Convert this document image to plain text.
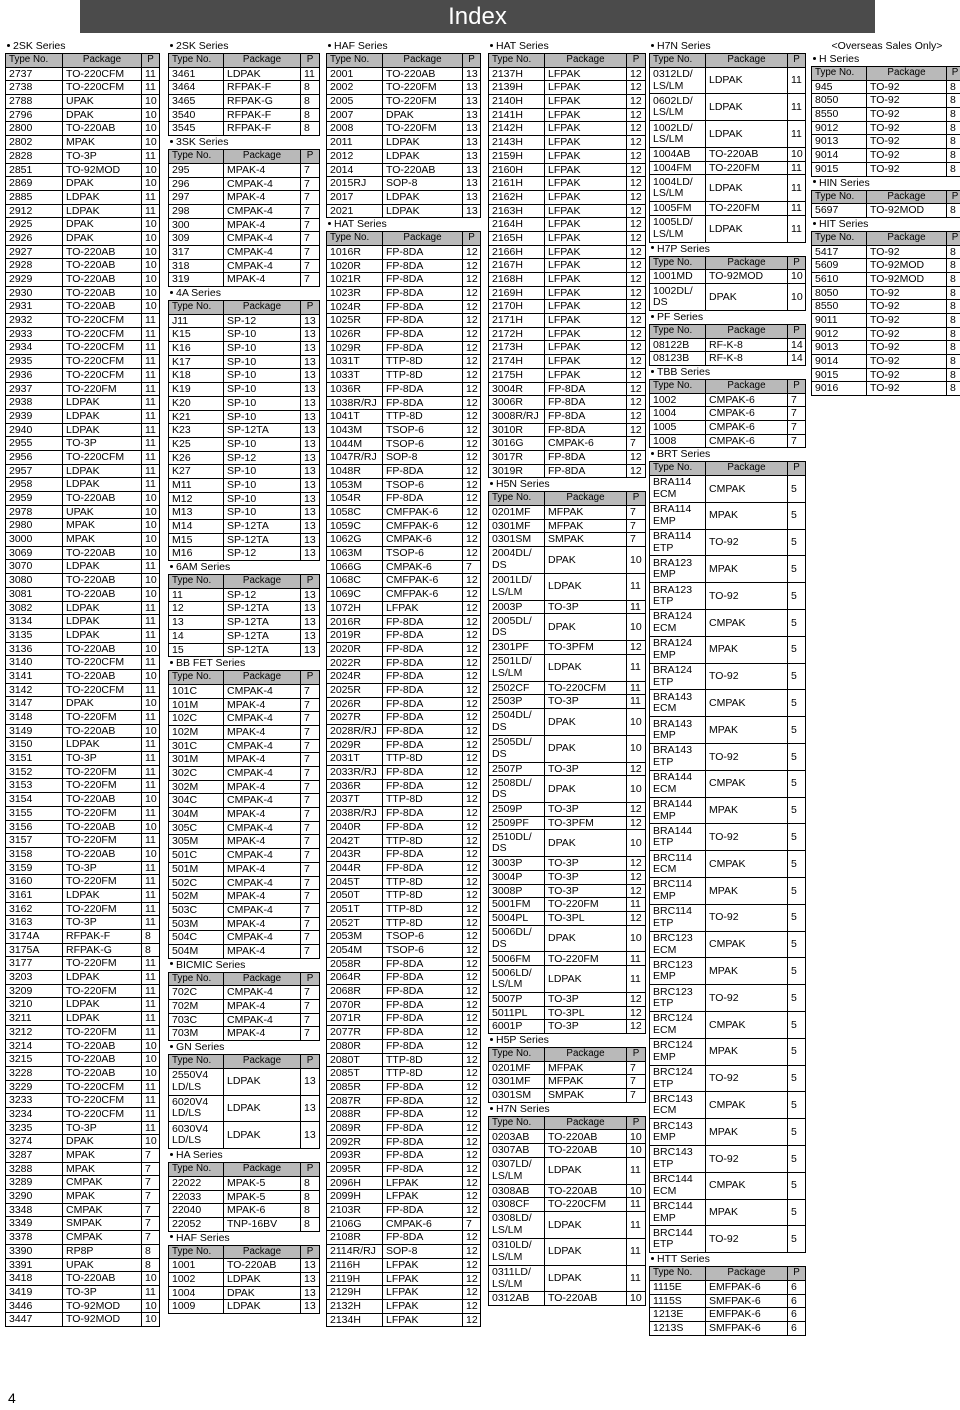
Index
2SK Series
Type No.	Package	P
2737	TO-220CFM	11
2738	TO-220CFM	11
2788	UPAK	10
2796	DPAK	10
2800	TO-220AB	10
2802	MPAK	10
2828	TO-3P	11
2851	TO-92MOD	10
2869	DPAK	10
2885	LDPAK	11
2912	LDPAK	11
2925	DPAK	10
2926	DPAK	10
2927	TO-220AB	10
2928	TO-220AB	10
2929	TO-220AB	10
2930	TO-220AB	10
2931	TO-220AB	10
2932	TO-220CFM	11
2933	TO-220CFM	11
2934	TO-220CFM	11
2935	TO-220CFM	11
2936	TO-220CFM	11
2937	TO-220FM	11
2938	LDPAK	11
2939	LDPAK	11
2940	LDPAK	11
2955	TO-3P	11
2956	TO-220CFM	11
2957	LDPAK	11
2958	LDPAK	11
2959	TO-220AB	10
2978	UPAK	10
2980	MPAK	10
3000	MPAK	10
3069	TO-220AB	10
3070	LDPAK	11
3080	TO-220AB	10
3081	TO-220AB	10
3082	LDPAK	11
3134	LDPAK	11
3135	LDPAK	11
3136	TO-220AB	10
3140	TO-220CFM	11
3141	TO-220AB	10
3142	TO-220CFM	11
3147	DPAK	10
3148	TO-220FM	11
3149	TO-220AB	10
3150	LDPAK	11
3151	TO-3P	11
3152	TO-220FM	11
3153	TO-220FM	11
3154	TO-220AB	10
3155	TO-220FM	11
3156	TO-220AB	10
3157	TO-220FM	11
3158	TO-220AB	10
3159	TO-3P	11
3160	TO-220FM	11
3161	LDPAK	11
3162	TO-220FM	11
3163	TO-3P	11
3174A	RFPAK-F	8
3175A	RFPAK-G	8
3177	TO-220FM	11
3203	LDPAK	11
3209	TO-220FM	11
3210	LDPAK	11
3211	LDPAK	11
3212	TO-220FM	11
3214	TO-220AB	10
3215	TO-220AB	10
3228	TO-220AB	10
3229	TO-220CFM	11
3233	TO-220CFM	11
3234	TO-220CFM	11
3235	TO-3P	11
3274	DPAK	10
3287	MPAK	7
3288	MPAK	7
3289	CMPAK	7
3290	MPAK	7
3348	CMPAK	7
3349	SMPAK	7
3378	CMPAK	7
3390	RP8P	8
3391	UPAK	8
3418	TO-220AB	10
3419	TO-3P	11
3446	TO-92MOD	10
3447	TO-92MOD	10
2SK Series
Type No.	Package	P
3461	LDPAK	11
3464	RFPAK-F	8
3465	RFPAK-G	8
3540	RFPAK-F	8
3545	RFPAK-F	8
3SK Series
Type No.	Package	P
295	MPAK-4	7
296	CMPAK-4	7
297	MPAK-4	7
298	CMPAK-4	7
300	MPAK-4	7
309	CMPAK-4	7
317	CMPAK-4	7
318	CMPAK-4	7
319	MPAK-4	7
4A Series
Type No.	Package	P
J11	SP-12	13
K15	SP-10	13
K16	SP-10	13
K17	SP-10	13
K18	SP-10	13
K19	SP-10	13
K20	SP-10	13
K21	SP-10	13
K23	SP-12TA	13
K25	SP-10	13
K26	SP-12	13
K27	SP-10	13
M11	SP-10	13
M12	SP-10	13
M13	SP-10	13
M14	SP-12TA	13
M15	SP-12TA	13
M16	SP-12	13
6AM Series
Type No.	Package	P
11	SP-12	13
12	SP-12TA	13
13	SP-12TA	13
14	SP-12TA	13
15	SP-12TA	13
BB FET Series
Type No.	Package	P
101C	CMPAK-4	7
101M	MPAK-4	7
102C	CMPAK-4	7
102M	MPAK-4	7
301C	CMPAK-4	7
301M	MPAK-4	7
302C	CMPAK-4	7
302M	MPAK-4	7
304C	CMPAK-4	7
304M	MPAK-4	7
305C	CMPAK-4	7
305M	MPAK-4	7
501C	CMPAK-4	7
501M	MPAK-4	7
502C	CMPAK-4	7
502M	MPAK-4	7
503C	CMPAK-4	7
503M	MPAK-4	7
504C	CMPAK-4	7
504M	MPAK-4	7
BICMIC Series
Type No.	Package	P
702C	CMPAK-4	7
702M	MPAK-4	7
703C	CMPAK-4	7
703M	MPAK-4	7
GN Series
Type No.	Package	P
2550V4 LD/LS	LDPAK	13
6020V4 LD/LS	LDPAK	13
6030V4 LD/LS	LDPAK	13
HA Series
Type No.	Package	P
22022	MPAK-5	8
22033	MPAK-5	8
22040	MPAK-6	8
22052	TNP-16BV	8
HAF Series
Type No.	Package	P
1001	TO-220AB	13
1002	LDPAK	13
1004	DPAK	13
1009	LDPAK	13
HAF Series
Type No.	Package	P
2001	TO-220AB	13
2002	TO-220FM	13
2005	TO-220FM	13
2007	DPAK	13
2008	TO-220FM	13
2011	LDPAK	13
2012	LDPAK	13
2014	TO-220AB	13
2015RJ	SOP-8	13
2017	LDPAK	13
2021	LDPAK	13
HAT Series
Type No.	Package	P
1016R	FP-8DA	12
1020R	FP-8DA	12
1021R	FP-8DA	12
1023R	FP-8DA	12
1024R	FP-8DA	12
1025R	FP-8DA	12
1026R	FP-8DA	12
1029R	FP-8DA	12
1031T	TTP-8D	12
1033T	TTP-8D	12
1036R	FP-8DA	12
1038R/RJ	FP-8DA	12
1041T	TTP-8D	12
1043M	TSOP-6	12
1044M	TSOP-6	12
1047R/RJ	SOP-8	12
1048R	FP-8DA	12
1053M	TSOP-6	12
1054R	FP-8DA	12
1058C	CMFPAK-6	12
1059C	CMFPAK-6	12
1062G	CMPAK-6	12
1063M	TSOP-6	12
1066G	CMPAK-6	7
1068C	CMFPAK-6	12
1069C	CMFPAK-6	12
1072H	LFPAK	12
2016R	FP-8DA	12
2019R	FP-8DA	12
2020R	FP-8DA	12
2022R	FP-8DA	12
2024R	FP-8DA	12
2025R	FP-8DA	12
2026R	FP-8DA	12
2027R	FP-8DA	12
2028R/RJ	FP-8DA	12
2029R	FP-8DA	12
2031T	TTP-8D	12
2033R/RJ	FP-8DA	12
2036R	FP-8DA	12
2037T	TTP-8D	12
2038R/RJ	FP-8DA	12
2040R	FP-8DA	12
2042T	TTP-8D	12
2043R	FP-8DA	12
2044R	FP-8DA	12
2045T	TTP-8D	12
2050T	TTP-8D	12
2051T	TTP-8D	12
2052T	TTP-8D	12
2053M	TSOP-6	12
2054M	TSOP-6	12
2058R	FP-8DA	12
2064R	FP-8DA	12
2068R	FP-8DA	12
2070R	FP-8DA	12
2071R	FP-8DA	12
2077R	FP-8DA	12
2080R	FP-8DA	12
2080T	TTP-8D	12
2085T	TTP-8D	12
2085R	FP-8DA	12
2087R	FP-8DA	12
2088R	FP-8DA	12
2089R	FP-8DA	12
2092R	FP-8DA	12
2093R	FP-8DA	12
2095R	FP-8DA	12
2096H	LFPAK	12
2099H	LFPAK	12
2103R	FP-8DA	12
2106G	CMPAK-6	7
2108R	FP-8DA	12
2114R/RJ	SOP-8	12
2116H	LFPAK	12
2119H	LFPAK	12
2129H	LFPAK	12
2132H	LFPAK	12
2134H	LFPAK	12
HAT Series
Type No.	Package	P
2137H	LFPAK	12
2139H	LFPAK	12
2140H	LFPAK	12
2141H	LFPAK	12
2142H	LFPAK	12
2143H	LFPAK	12
2159H	LFPAK	12
2160H	LFPAK	12
2161H	LFPAK	12
2162H	LFPAK	12
2163H	LFPAK	12
2164H	LFPAK	12
2165H	LFPAK	12
2166H	LFPAK	12
2167H	LFPAK	12
2168H	LFPAK	12
2169H	LFPAK	12
2170H	LFPAK	12
2171H	LFPAK	12
2172H	LFPAK	12
2173H	LFPAK	12
2174H	LFPAK	12
2175H	LFPAK	12
3004R	FP-8DA	12
3006R	FP-8DA	12
3008R/RJ	FP-8DA	12
3010R	FP-8DA	12
3016G	CMPAK-6	7
3017R	FP-8DA	12
3019R	FP-8DA	12
H5N Series
Type No.	Package	P
0201MF	MFPAK	7
0301MF	MFPAK	7
0301SM	SMPAK	7
2004DL/ DS	DPAK	10
2001LD/ LS/LM	LDPAK	11
2003P	TO-3P	11
2005DL/ DS	DPAK	10
2301PF	TO-3PFM	12
2501LD/ LS/LM	LDPAK	11
2502CF	TO-220CFM	11
2503P	TO-3P	11
2504DL/ DS	DPAK	10
2505DL/ DS	DPAK	10
2507P	TO-3P	12
2508DL/ DS	DPAK	10
2509P	TO-3P	12
2509PF	TO-3PFM	12
2510DL/ DS	DPAK	10
3003P	TO-3P	12
3004P	TO-3P	12
3008P	TO-3P	12
5001FM	TO-220FM	11
5004PL	TO-3PL	12
5006DL/ DS	DPAK	10
5006FM	TO-220FM	11
5006LD/ LS/LM	LDPAK	11
5007P	TO-3P	12
5011PL	TO-3PL	12
6001P	TO-3P	12
H5P Series
Type No.	Package	P
0201MF	MFPAK	7
0301MF	MFPAK	7
0301SM	SMPAK	7
H7N Series
Type No.	Package	P
0203AB	TO-220AB	10
0307AB	TO-220AB	10
0307LD/ LS/LM	LDPAK	11
0308AB	TO-220AB	10
0308CF	TO-220CFM	11
0308LD/ LS/LM	LDPAK	11
0310LD/ LS/LM	LDPAK	11
0311LD/ LS/LM	LDPAK	11
0312AB	TO-220AB	10
H7N Series
Type No.	Package	P
0312LD/ LS/LM	LDPAK	11
0602LD/ LS/LM	LDPAK	11
1002LD/ LS/LM	LDPAK	11
1004AB	TO-220AB	10
1004FM	TO-220FM	11
1004LD/ LS/LM	LDPAK	11
1005FM	TO-220FM	11
1005LD/ LS/LM	LDPAK	11
H7P Series
Type No.	Package	P
1001MD	TO-92MOD	10
1002DL/ DS	DPAK	10
PF Series
Type No.	Package	P
08122B	RF-K-8	14
08123B	RF-K-8	14
TBB Series
Type No.	Package	P
1002	CMPAK-6	7
1004	CMPAK-6	7
1005	CMPAK-6	7
1008	CMPAK-6	7
BRT Series
Type No.	Package	P
BRA114 ECM	CMPAK	5
BRA114 EMP	MPAK	5
BRA114 ETP	TO-92	5
BRA123 EMP	MPAK	5
BRA123 ETP	TO-92	5
BRA124 ECM	CMPAK	5
BRA124 EMP	MPAK	5
BRA124 ETP	TO-92	5
BRA143 ECM	CMPAK	5
BRA143 EMP	MPAK	5
BRA143 ETP	TO-92	5
BRA144 ECM	CMPAK	5
BRA144 EMP	MPAK	5
BRA144 ETP	TO-92	5
BRC114 ECM	CMPAK	5
BRC114 EMP	MPAK	5
BRC114 ETP	TO-92	5
BRC123 ECM	CMPAK	5
BRC123 EMP	MPAK	5
BRC123 ETP	TO-92	5
BRC124 ECM	CMPAK	5
BRC124 EMP	MPAK	5
BRC124 ETP	TO-92	5
BRC143 ECM	CMPAK	5
BRC143 EMP	MPAK	5
BRC143 ETP	TO-92	5
BRC144 ECM	CMPAK	5
BRC144 EMP	MPAK	5
BRC144 ETP	TO-92	5
HTT Series
Type No.	Package	P
1115E	EMFPAK-6	6
1115S	SMFPAK-6	6
1213E	EMFPAK-6	6
1213S	SMFPAK-6	6
<Overseas Sales Only>
H Series
Type No.	Package	P
945	TO-92	8
8050	TO-92	8
8550	TO-92	8
9012	TO-92	8
9013	TO-92	8
9014	TO-92	8
9015	TO-92	8
HIN Series
Type No.	Package	P
5697	TO-92MOD	8
HIT Series
Type No.	Package	P
5417	TO-92	8
5609	TO-92MOD	8
5610	TO-92MOD	8
8050	TO-92	8
8550	TO-92	8
9011	TO-92	8
9012	TO-92	8
9013	TO-92	8
9014	TO-92	8
9015	TO-92	8
9016	TO-92	8
4
